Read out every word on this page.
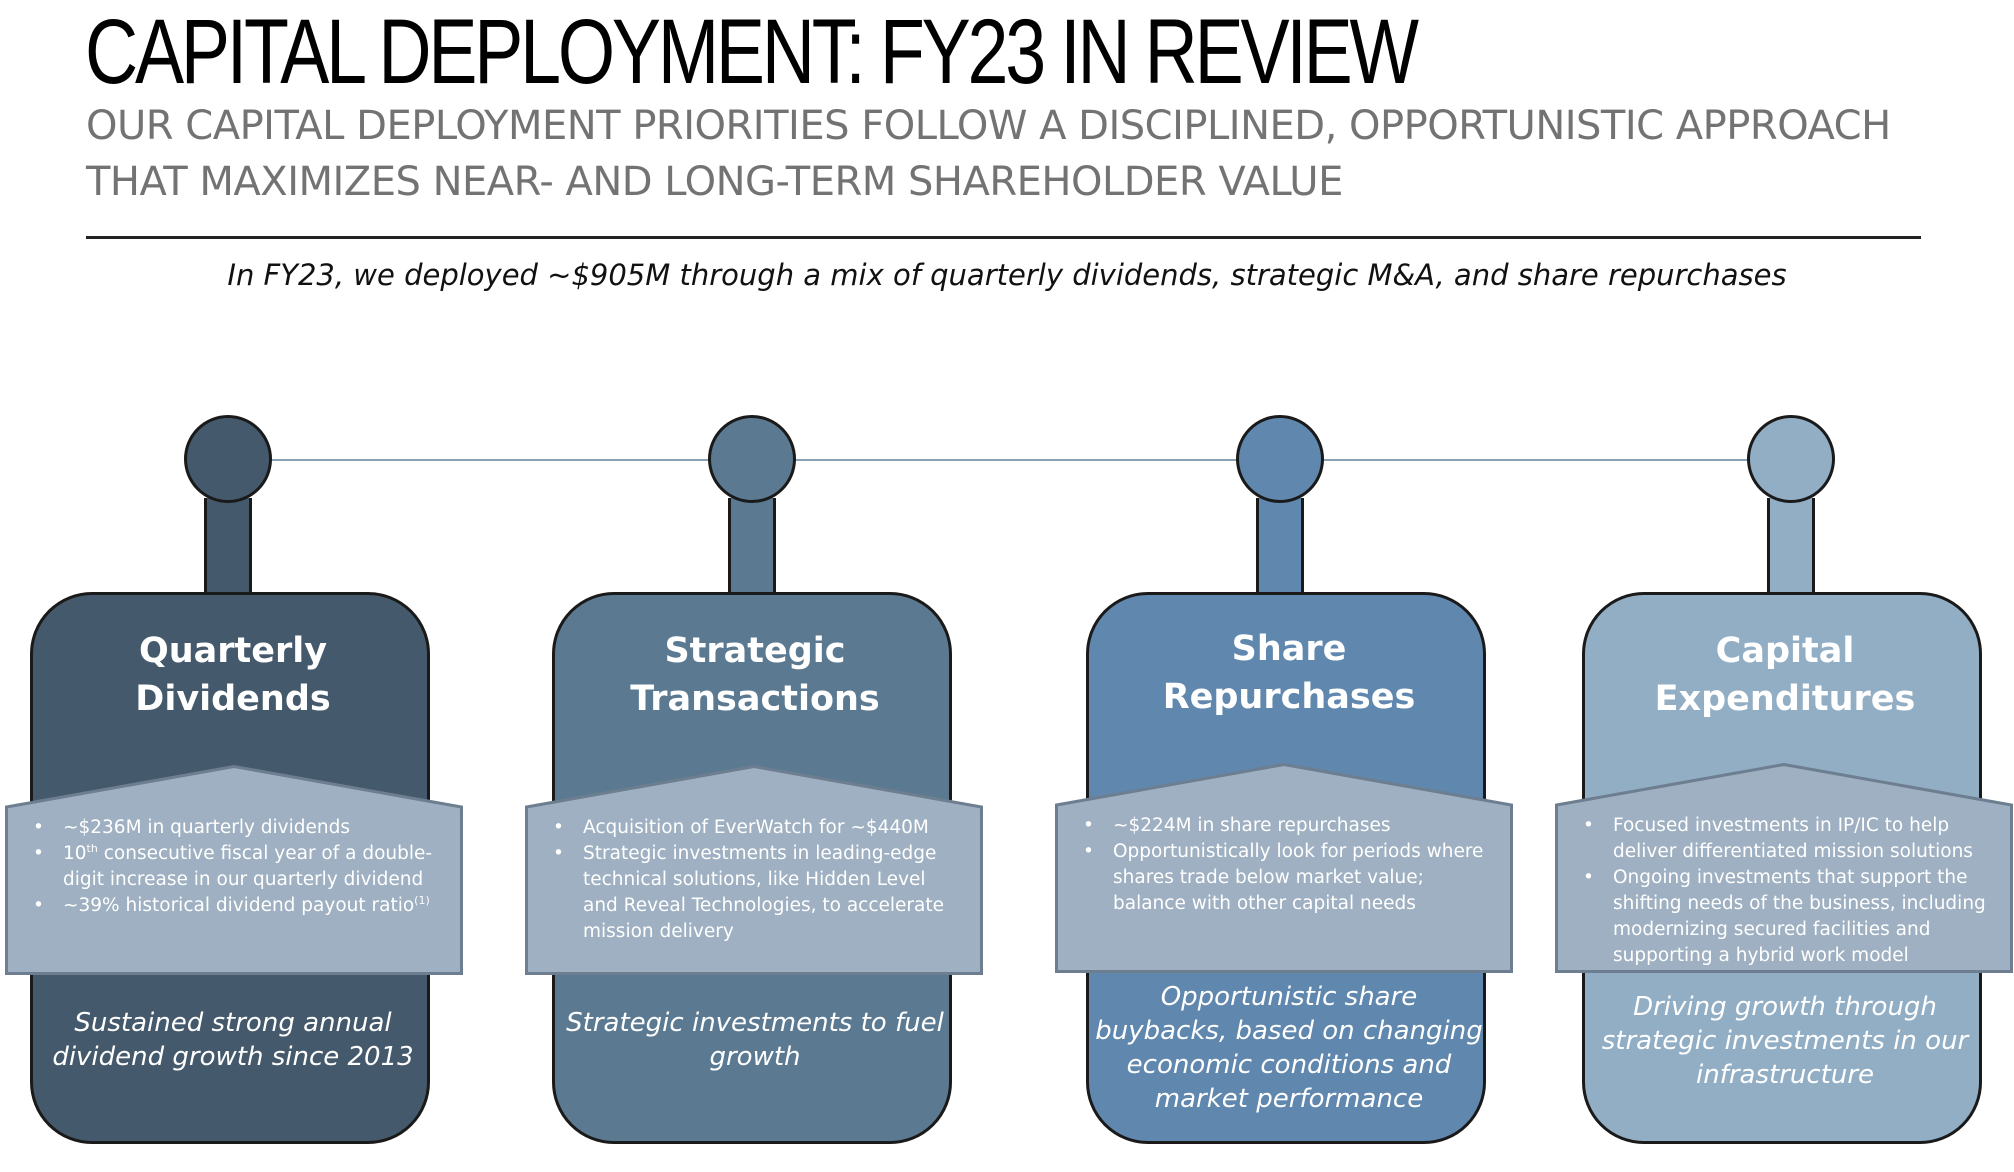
CAPITAL DEPLOYMENT: FY23 IN REVIEW
OUR CAPITAL DEPLOYMENT PRIORITIES FOLLOW A DISCIPLINED, OPPORTUNISTIC APPROACH
THAT MAXIMIZES NEAR- AND LONG-TERM SHAREHOLDER VALUE
In FY23, we deployed ~$905M through a mix of quarterly dividends, strategic M&A, and share repurchases
Quarterly
Dividends
Sustained strong annual
dividend growth since 2013
• ~$236M in quarterly dividends
• 10th consecutive fiscal year of a double-digit increase in our quarterly dividend
• ~39% historical dividend payout ratio$^{(1)}$
Strategic
Transactions
Strategic investments to fuel
growth
• Acquisition of EverWatch for ~$440M
• Strategic investments in leading-edge technical solutions, like Hidden Level and Reveal Technologies, to accelerate mission delivery
Share
Repurchases
Opportunistic share
buybacks, based on changing
economic conditions and
market performance
• ~$224M in share repurchases
• Opportunistically look for periods where shares trade below market value; balance with other capital needs
Capital
Expenditures
Driving growth through
strategic investments in our
infrastructure
• Focused investments in IP/IC to help deliver differentiated mission solutions
• Ongoing investments that support the shifting needs of the business, including modernizing secured facilities and supporting a hybrid work model
